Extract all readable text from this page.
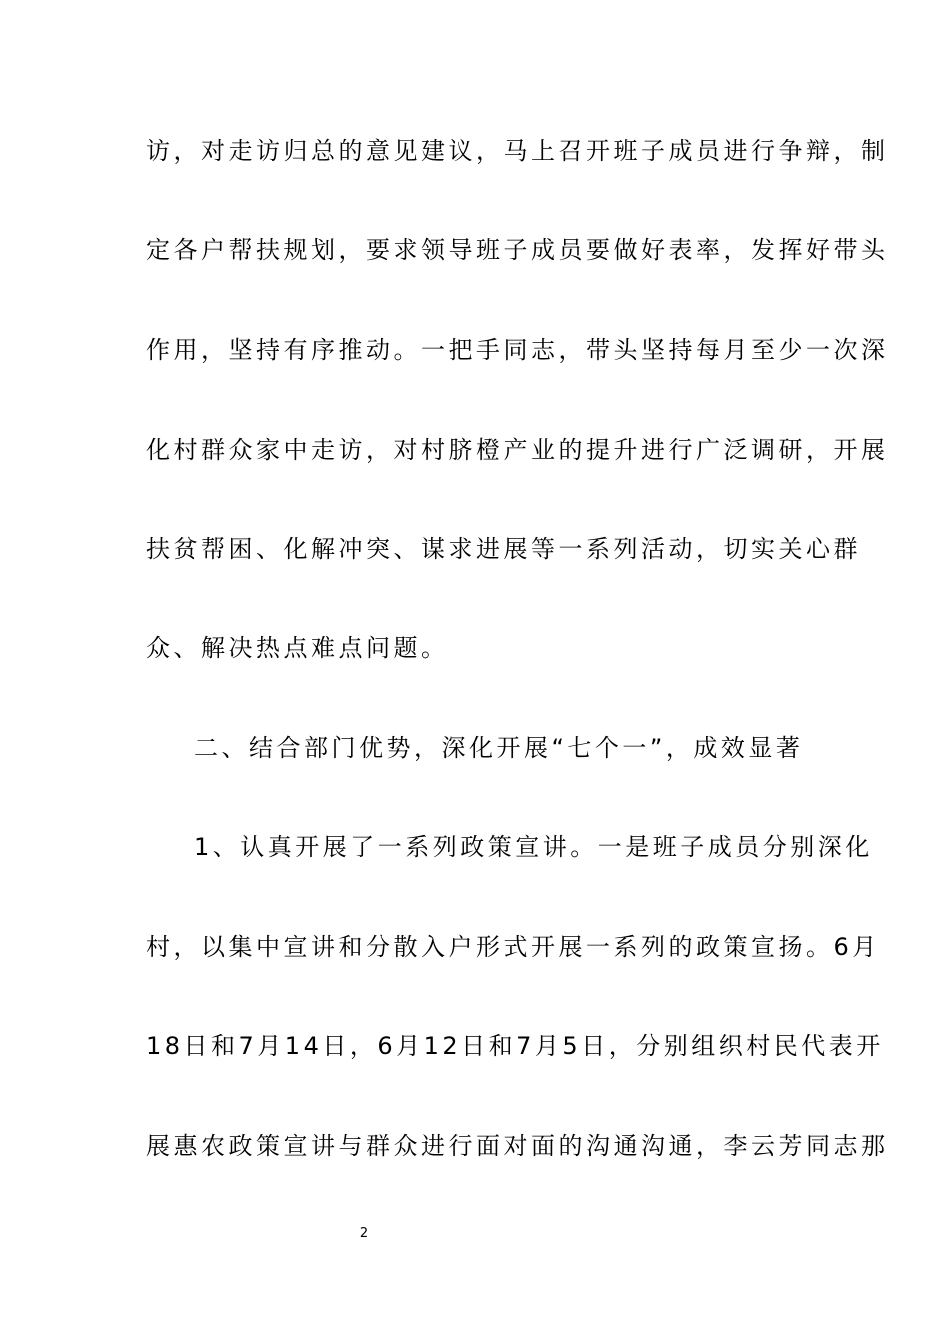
访，对走访归总的意见建议，马上召开班子成员进行争辩，制
定各户帮扶规划，要求领导班子成员要做好表率，发挥好带头
作用，坚持有序推动。一把手同志，带头坚持每月至少一次深
化村群众家中走访，对村脐橙产业的提升进行广泛调研，开展
扶贫帮困、化解冲突、谋求进展等一系列活动，切实关心群
众、解决热点难点问题。
二、结合部门优势，深化开展“七个一”，成效显著
1、认真开展了一系列政策宣讲。一是班子成员分别深化
村，以集中宣讲和分散入户形式开展一系列的政策宣扬。6月
18日和7月14日，6月12日和7月5日，分别组织村民代表开
展惠农政策宣讲与群众进行面对面的沟通沟通，李云芳同志那
2
